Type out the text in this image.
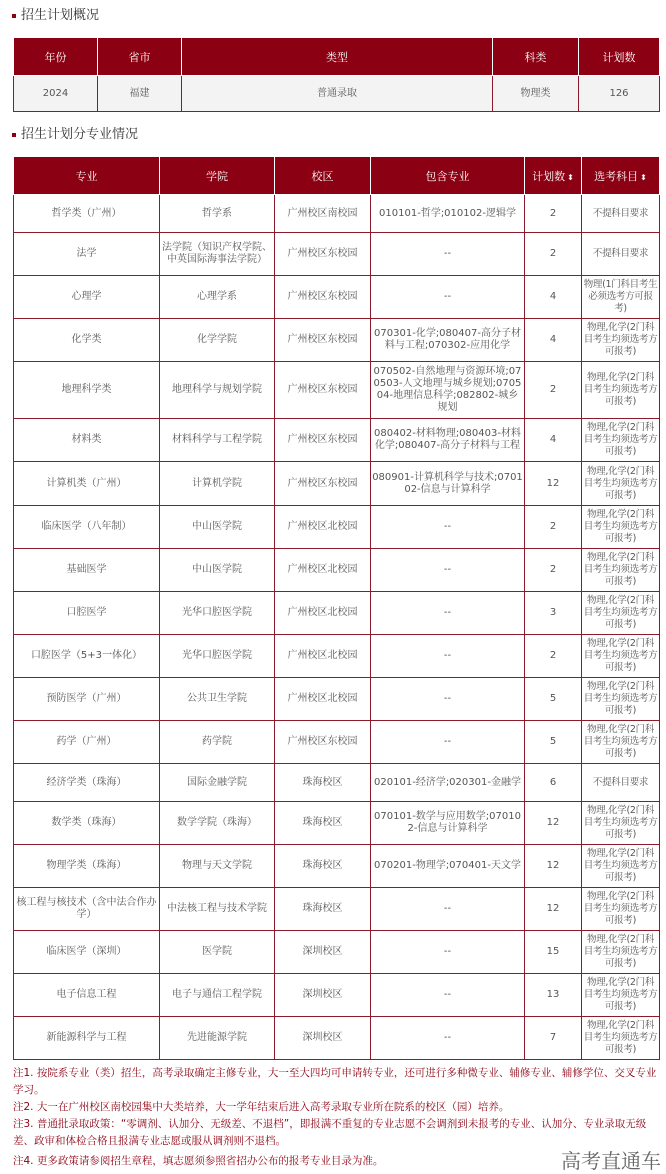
招生计划概况
年份	省市	类型	科类	计划数
2024	福建	普通录取	物理类	126
招生计划分专业情况
专业	学院	校区	包含专业	计划数 ⬍	选考科目 ⬍
哲学类（广州）	哲学系	广州校区南校园	010101-哲学;010102-逻辑学	2	不提科目要求
法学	法学院（知识产权学院、中英国际海事法学院）	广州校区东校园	--	2	不提科目要求
心理学	心理学系	广州校区东校园	--	4	物理(1门科目考生必须选考方可报考)
化学类	化学学院	广州校区东校园	070301-化学;080407-高分子材料与工程;070302-应用化学	4	物理,化学(2门科目考生均须选考方可报考)
地理科学类	地理科学与规划学院	广州校区东校园	070502-自然地理与资源环境;070503-人文地理与城乡规划;070504-地理信息科学;082802-城乡规划	2	物理,化学(2门科目考生均须选考方可报考)
材料类	材料科学与工程学院	广州校区东校园	080402-材料物理;080403-材料化学;080407-高分子材料与工程	4	物理,化学(2门科目考生均须选考方可报考)
计算机类（广州）	计算机学院	广州校区东校园	080901-计算机科学与技术;070102-信息与计算科学	12	物理,化学(2门科目考生均须选考方可报考)
临床医学（八年制）	中山医学院	广州校区北校园	--	2	物理,化学(2门科目考生均须选考方可报考)
基础医学	中山医学院	广州校区北校园	--	2	物理,化学(2门科目考生均须选考方可报考)
口腔医学	光华口腔医学院	广州校区北校园	--	3	物理,化学(2门科目考生均须选考方可报考)
口腔医学（5+3一体化）	光华口腔医学院	广州校区北校园	--	2	物理,化学(2门科目考生均须选考方可报考)
预防医学（广州）	公共卫生学院	广州校区北校园	--	5	物理,化学(2门科目考生均须选考方可报考)
药学（广州）	药学院	广州校区东校园	--	5	物理,化学(2门科目考生均须选考方可报考)
经济学类（珠海）	国际金融学院	珠海校区	020101-经济学;020301-金融学	6	不提科目要求
数学类（珠海）	数学学院（珠海）	珠海校区	070101-数学与应用数学;070102-信息与计算科学	12	物理,化学(2门科目考生均须选考方可报考)
物理学类（珠海）	物理与天文学院	珠海校区	070201-物理学;070401-天文学	12	物理,化学(2门科目考生均须选考方可报考)
核工程与核技术（含中法合作办学）	中法核工程与技术学院	珠海校区	--	12	物理,化学(2门科目考生均须选考方可报考)
临床医学（深圳）	医学院	深圳校区	--	15	物理,化学(2门科目考生均须选考方可报考)
电子信息工程	电子与通信工程学院	深圳校区	--	13	物理,化学(2门科目考生均须选考方可报考)
新能源科学与工程	先进能源学院	深圳校区	--	7	物理,化学(2门科目考生均须选考方可报考)
注1. 按院系专业（类）招生，高考录取确定主修专业，大一至大四均可申请转专业，还可进行多种微专业、辅修专业、辅修学位、交叉专业学习。
注2. 大一在广州校区南校园集中大类培养，大一学年结束后进入高考录取专业所在院系的校区（园）培养。
注3. 普通批录取政策：“零调剂、认加分、无级差、不退档”，即报满不重复的专业志愿不会调剂到未报考的专业、认加分、专业录取无级差、政审和体检合格且报满专业志愿或服从调剂则不退档。
注4. 更多政策请参阅招生章程，填志愿须参照省招办公布的报考专业目录为准。	高考直通车
